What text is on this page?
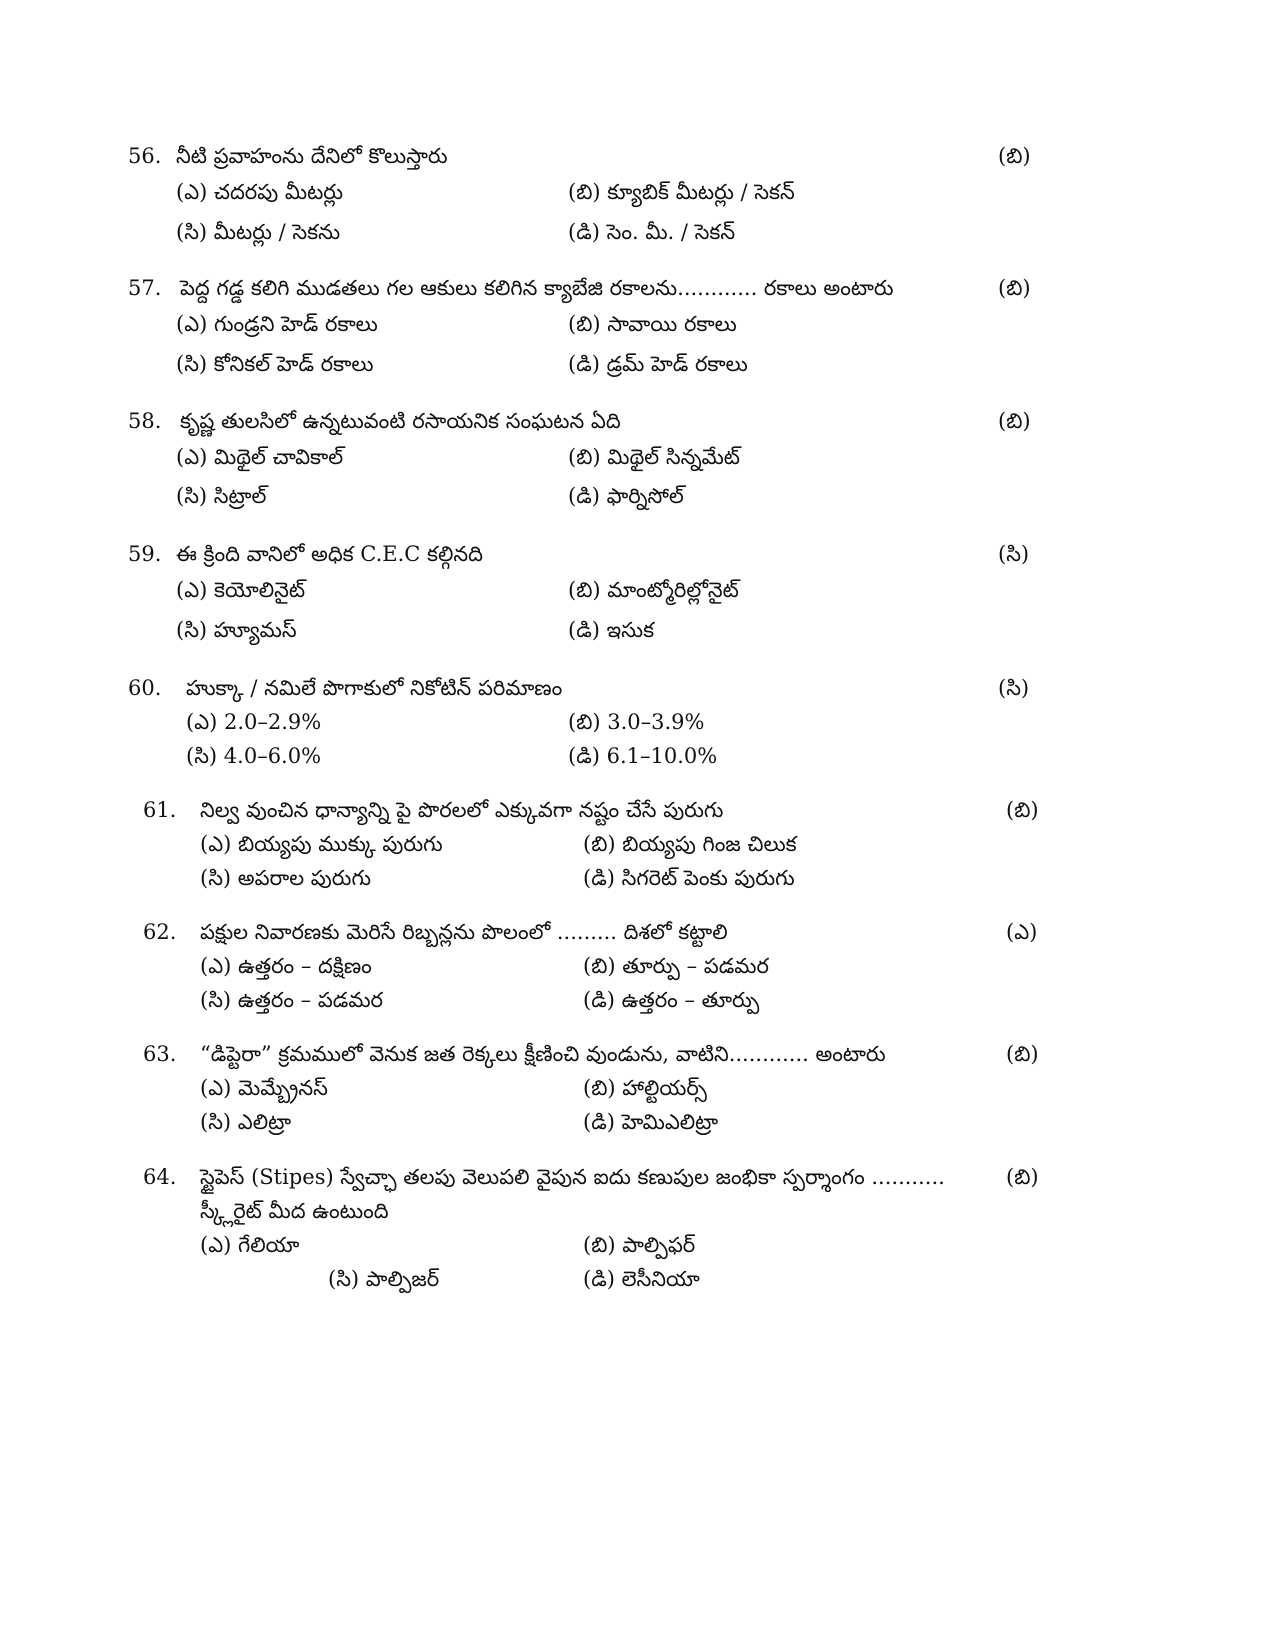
56. నీటి ప్రవాహంను దేనిలో కొలుస్తారు	(బి)
(ఎ) చదరపు మీటర్లు	(బి) క్యూబిక్ మీటర్లు / సెకన్
(సి) మీటర్లు / సెకను	(డి) సెం. మీ. / సెకన్
57. పెద్ద గడ్డ కలిగి ముడతలు గల ఆకులు కలిగిన క్యాబేజి రకాలను............ రకాలు అంటారు	(బి)
(ఎ) గుండ్రని హెడ్ రకాలు	(బి) సావాయి రకాలు
(సి) కోనికల్ హెడ్ రకాలు	(డి) డ్రమ్ హెడ్ రకాలు
58. కృష్ణ తులసిలో ఉన్నటువంటి రసాయనిక సంఘటన ఏది	(బి)
(ఎ) మిథైల్ చావికాల్	(బి) మిథైల్ సిన్నమేట్
(సి) సిట్రాల్	(డి) ఫార్నిసోల్
59. ఈ క్రింది వానిలో అధిక C.E.C కల్గినది	(సి)
(ఎ) కెయోలినైట్	(బి) మాంట్మోరిల్లోనైట్
(సి) హ్యూమస్	(డి) ఇసుక
60. హుక్కా / నమిలే పొగాకులో నికోటిన్ పరిమాణం	(సి)
(ఎ) 2.0–2.9%	(బి) 3.0–3.9%
(సి) 4.0–6.0%	(డి) 6.1–10.0%
61. నిల్వ వుంచిన ధాన్యాన్ని పై పొరలలో ఎక్కువగా నష్టం చేసే పురుగు	(బి)
(ఎ) బియ్యపు ముక్కు పురుగు	(బి) బియ్యపు గింజ చిలుక
(సి) అపరాల పురుగు	(డి) సిగరెట్ పెంకు పురుగు
62. పక్షుల నివారణకు మెరిసే రిబ్బన్లను పొలంలో ......... దిశలో కట్టాలి	(ఎ)
(ఎ) ఉత్తరం – దక్షిణం	(బి) తూర్పు – పడమర
(సి) ఉత్తరం – పడమర	(డి) ఉత్తరం – తూర్పు
63. “డిప్టెరా” క్రమములో వెనుక జత రెక్కలు క్షీణించి వుండును, వాటిని............ అంటారు	(బి)
(ఎ) మెమ్బ్రేనస్	(బి) హాల్టియర్స్
(సి) ఎలిట్రా	(డి) హెమిఎలిట్రా
64. స్టైపెస్ (Stipes) స్వేచ్ఛా తలపు వెలుపలి వైపున ఐదు కణుపుల జంభికా స్పర్శాంగం ...........	(బి)
స్క్లీరైట్ మీద ఉంటుంది
(ఎ) గేలియా	(బి) పాల్పిఫర్
(సి) పాల్పిజర్	(డి) లెసీనియా
